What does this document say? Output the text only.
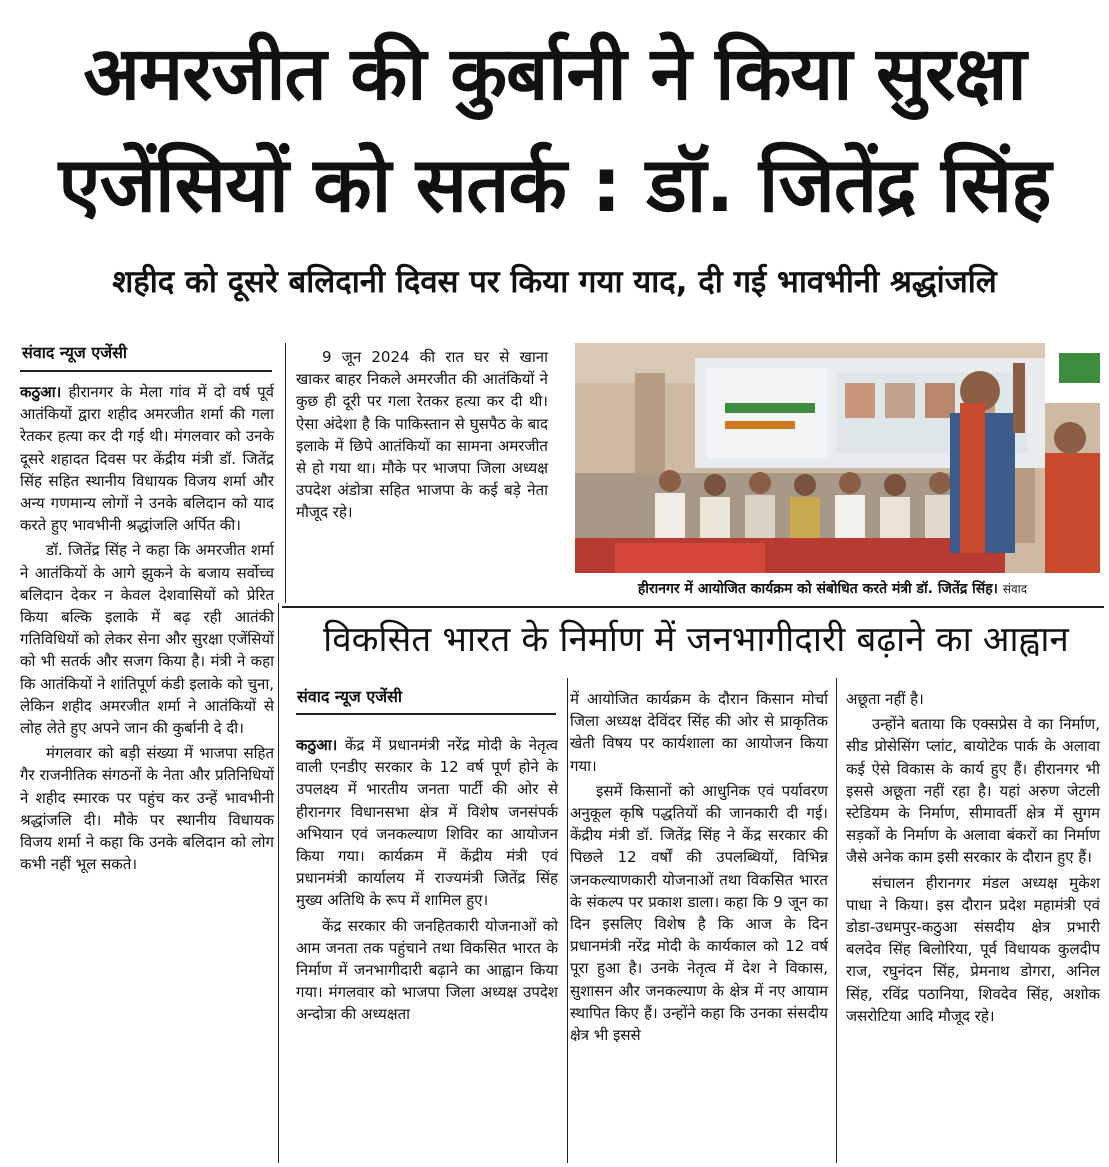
अमरजीत की कुर्बानी ने किया सुरक्षा
एजेंसियों को सतर्क : डॉ. जितेंद्र सिंह
शहीद को दूसरे बलिदानी दिवस पर किया गया याद, दी गई भावभीनी श्रद्धांजलि
संवाद न्यूज एजेंसी

कठुआ। हीरानगर के मेला गांव में दो वर्ष पूर्व आतंकियों द्वारा शहीद अमरजीत शर्मा की गला रेतकर हत्या कर दी गई थी। मंगलवार को उनके दूसरे शहादत दिवस पर केंद्रीय मंत्री डॉ. जितेंद्र सिंह सहित स्थानीय विधायक विजय शर्मा और अन्य गणमान्य लोगों ने उनके बलिदान को याद करते हुए भावभीनी श्रद्धांजलि अर्पित की।

डॉ. जितेंद्र सिंह ने कहा कि अमरजीत शर्मा ने आतंकियों के आगे झुकने के बजाय सर्वोच्च बलिदान देकर न केवल देशवासियों को प्रेरित किया बल्कि इलाके में बढ़ रही आतंकी गतिविधियों को लेकर सेना और सुरक्षा एजेंसियों को भी सतर्क और सजग किया है। मंत्री ने कहा कि आतंकियों ने शांतिपूर्ण कंडी इलाके को चुना, लेकिन शहीद अमरजीत शर्मा ने आतंकियों से लोह लेते हुए अपने जान की कुर्बानी दे दी।

मंगलवार को बड़ी संख्या में भाजपा सहित गैर राजनीतिक संगठनों के नेता और प्रतिनिधियों ने शहीद स्मारक पर पहुंच कर उन्हें भावभीनी श्रद्धांजलि दी। मौके पर स्थानीय विधायक विजय शर्मा ने कहा कि उनके बलिदान को लोग कभी नहीं भूल सकते।

9 जून 2024 की रात घर से खाना खाकर बाहर निकले अमरजीत की आतंकियों ने कुछ ही दूरी पर गला रेतकर हत्या कर दी थी। ऐसा अंदेशा है कि पाकिस्तान से घुसपैठ के बाद इलाके में छिपे आतंकियों का सामना अमरजीत से हो गया था। मौके पर भाजपा जिला अध्यक्ष उपदेश अंडोत्रा सहित भाजपा के कई बड़े नेता मौजूद रहे।

हीरानगर में आयोजित कार्यक्रम को संबोधित करते मंत्री डॉ. जितेंद्र सिंह। संवाद
विकसित भारत के निर्माण में जनभागीदारी बढ़ाने का आह्वान
संवाद न्यूज एजेंसी

कठुआ। केंद्र में प्रधानमंत्री नरेंद्र मोदी के नेतृत्व वाली एनडीए सरकार के 12 वर्ष पूर्ण होने के उपलक्ष्य में भारतीय जनता पार्टी की ओर से हीरानगर विधानसभा क्षेत्र में विशेष जनसंपर्क अभियान एवं जनकल्याण शिविर का आयोजन किया गया। कार्यक्रम में केंद्रीय मंत्री एवं प्रधानमंत्री कार्यालय में राज्यमंत्री जितेंद्र सिंह मुख्य अतिथि के रूप में शामिल हुए।

केंद्र सरकार की जनहितकारी योजनाओं को आम जनता तक पहुंचाने तथा विकसित भारत के निर्माण में जनभागीदारी बढ़ाने का आह्वान किया गया। मंगलवार को भाजपा जिला अध्यक्ष उपदेश अन्दोत्रा की अध्यक्षता

में आयोजित कार्यक्रम के दौरान किसान मोर्चा जिला अध्यक्ष देविंदर सिंह की ओर से प्राकृतिक खेती विषय पर कार्यशाला का आयोजन किया गया।

इसमें किसानों को आधुनिक एवं पर्यावरण अनुकूल कृषि पद्धतियों की जानकारी दी गई। केंद्रीय मंत्री डॉ. जितेंद्र सिंह ने केंद्र सरकार की पिछले 12 वर्षों की उपलब्धियों, विभिन्न जनकल्याणकारी योजनाओं तथा विकसित भारत के संकल्प पर प्रकाश डाला। कहा कि 9 जून का दिन इसलिए विशेष है कि आज के दिन प्रधानमंत्री नरेंद्र मोदी के कार्यकाल को 12 वर्ष पूरा हुआ है। उनके नेतृत्व में देश ने विकास, सुशासन और जनकल्याण के क्षेत्र में नए आयाम स्थापित किए हैं। उन्होंने कहा कि उनका संसदीय क्षेत्र भी इससे

अछूता नहीं है।

उन्होंने बताया कि एक्सप्रेस वे का निर्माण, सीड प्रोसेसिंग प्लांट, बायोटेक पार्क के अलावा कई ऐसे विकास के कार्य हुए हैं। हीरानगर भी इससे अछूता नहीं रहा है। यहां अरुण जेटली स्टेडियम के निर्माण, सीमावर्ती क्षेत्र में सुगम सड़कों के निर्माण के अलावा बंकरों का निर्माण जैसे अनेक काम इसी सरकार के दौरान हुए हैं।

संचालन हीरानगर मंडल अध्यक्ष मुकेश पाधा ने किया। इस दौरान प्रदेश महामंत्री एवं डोडा-उधमपुर-कठुआ संसदीय क्षेत्र प्रभारी बलदेव सिंह बिलोरिया, पूर्व विधायक कुलदीप राज, रघुनंदन सिंह, प्रेमनाथ डोगरा, अनिल सिंह, रविंद्र पठानिया, शिवदेव सिंह, अशोक जसरोटिया आदि मौजूद रहे।
